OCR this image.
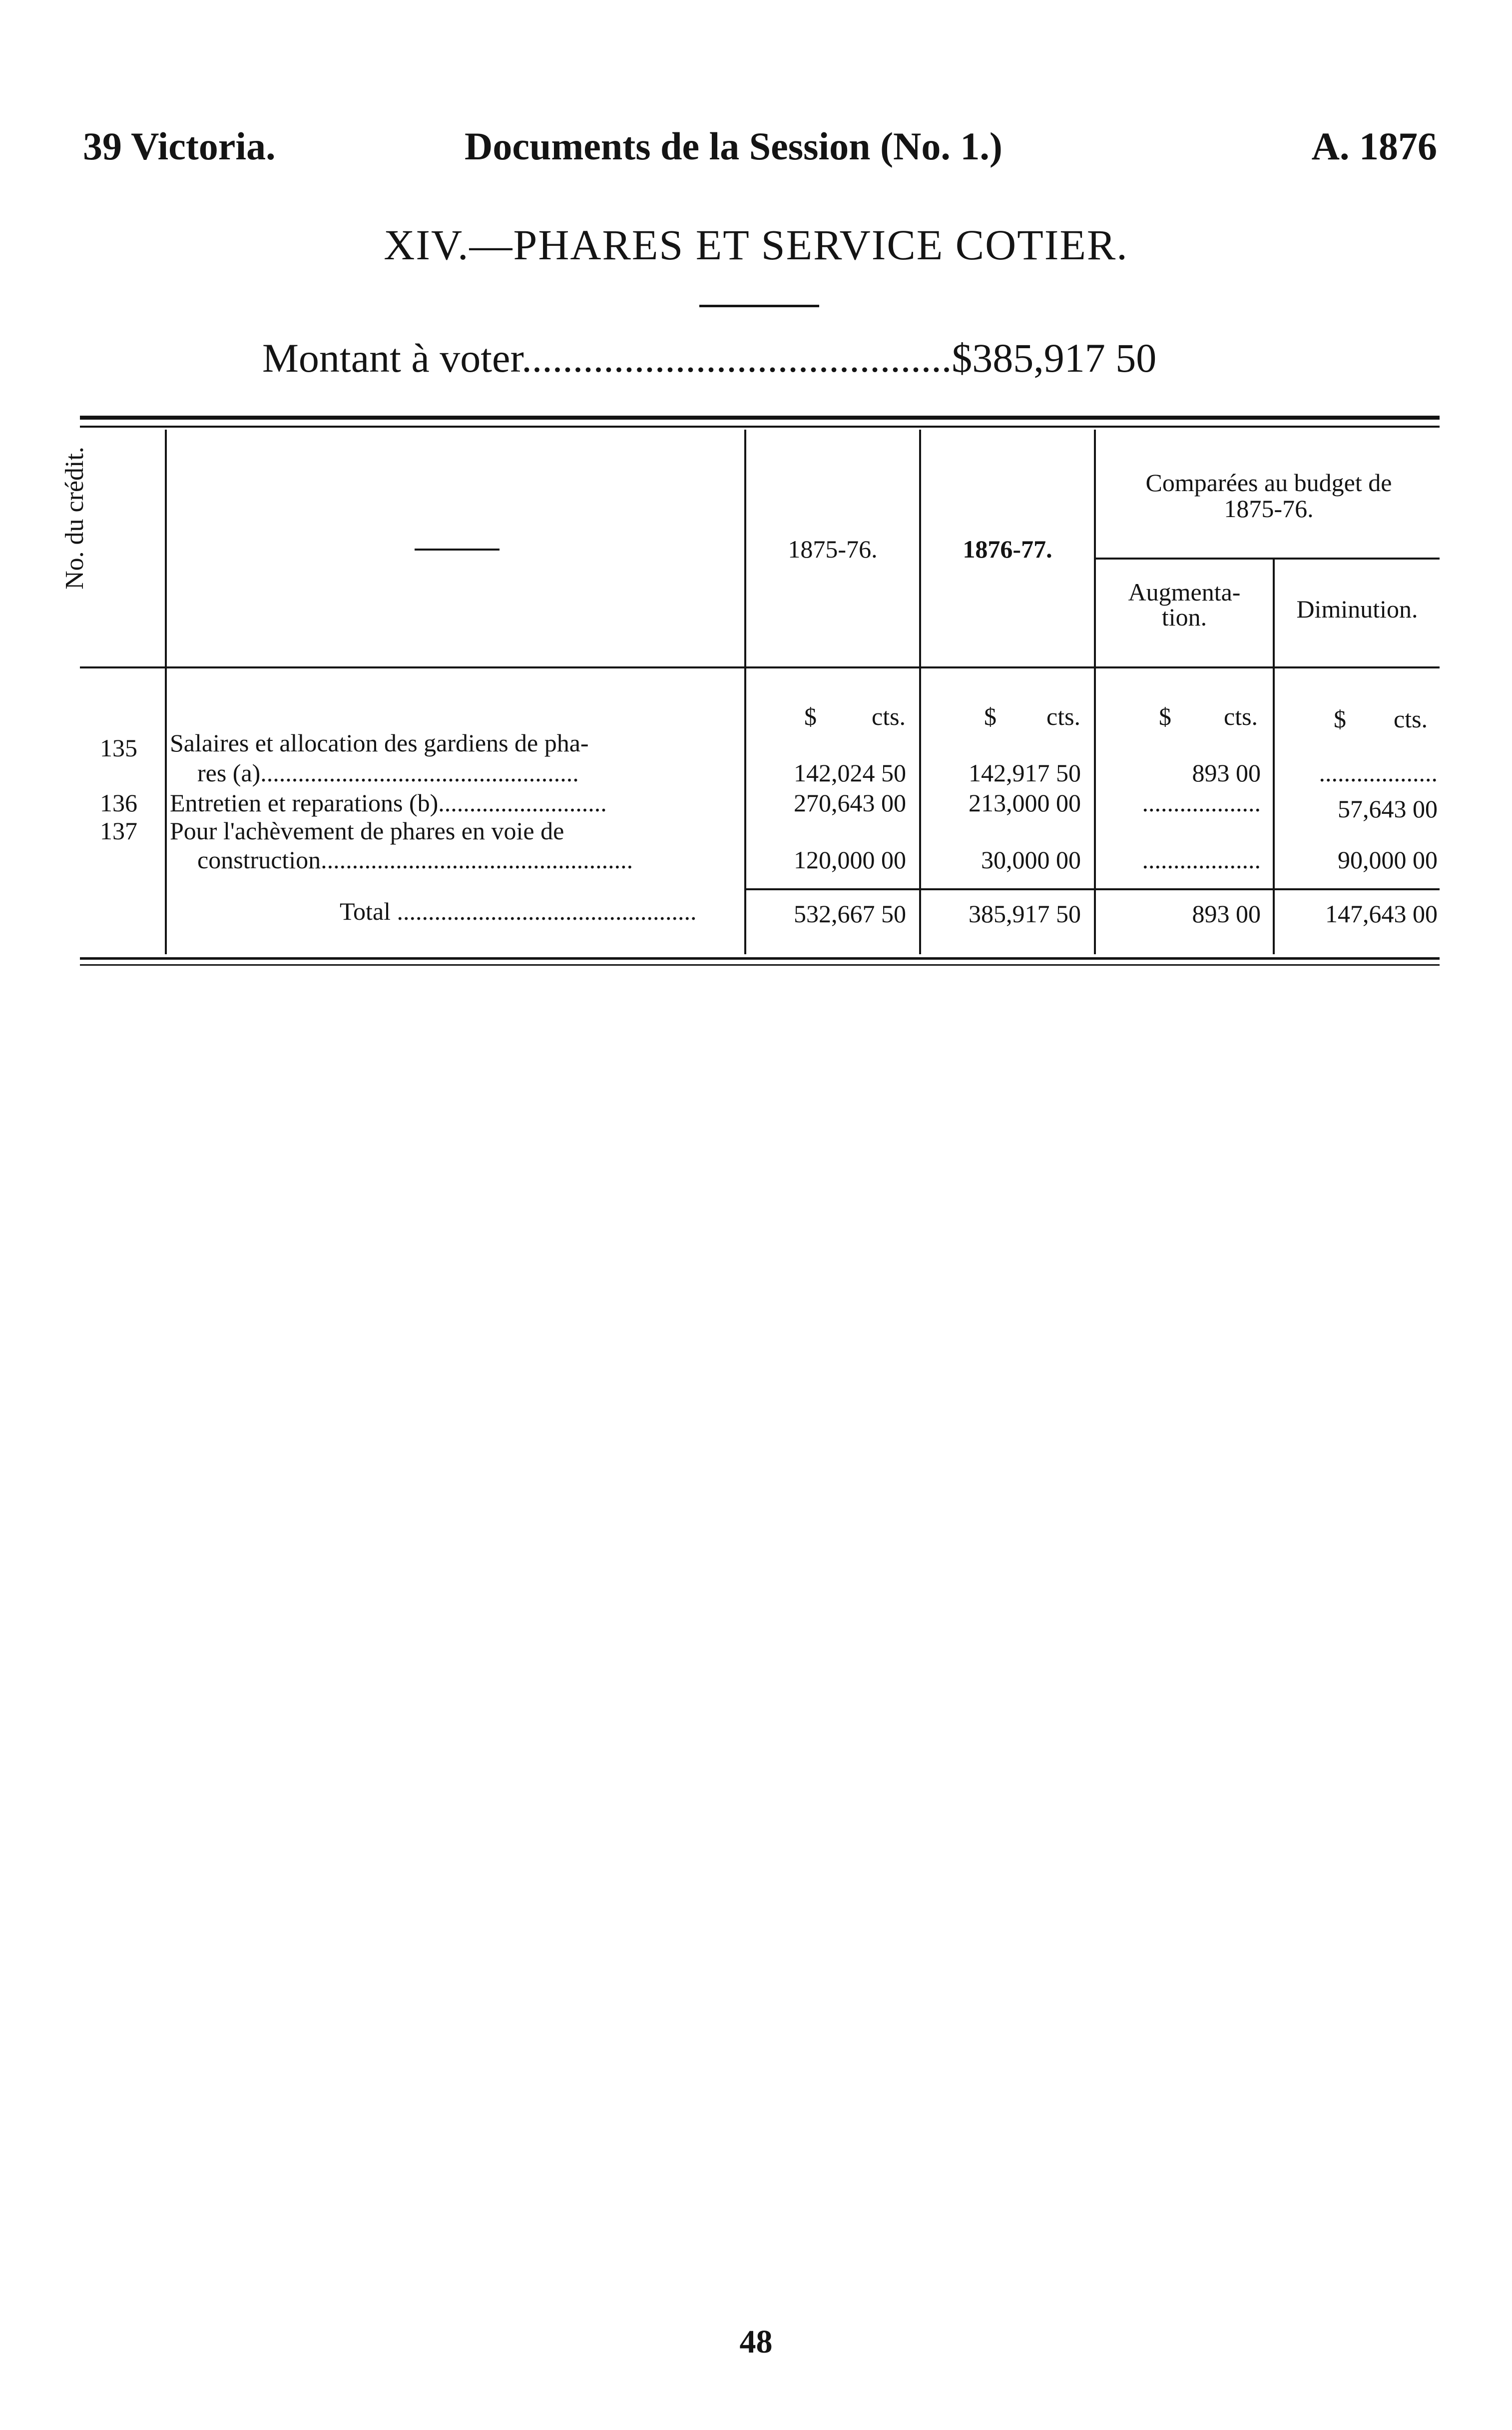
39 Victoria.	Documents de la Session (No. 1.)	A. 1876
XIV.—PHARES ET SERVICE COTIER.
Montant à voter..........................................$385,917 50
No. du crédit.	1875-76.	1876-77.
Comparées au budget de 1875-76.
Augmenta-tion.	Diminution.
$ cts.	$ cts.	$ cts.	$ cts.
135 Salaires et allocation des gardiens de pha-
res (a)...................................................	142,024 50	142,917 50	893 00	...................
136 Entretien et reparations (b)...........................	270,643 00	213,000 00	...................	57,643 00
137 Pour l'achèvement de phares en voie de
construction..................................................	120,000 00	30,000 00	...................	90,000 00
Total ................................................	532,667 50	385,917 50	893 00	147,643 00
48
